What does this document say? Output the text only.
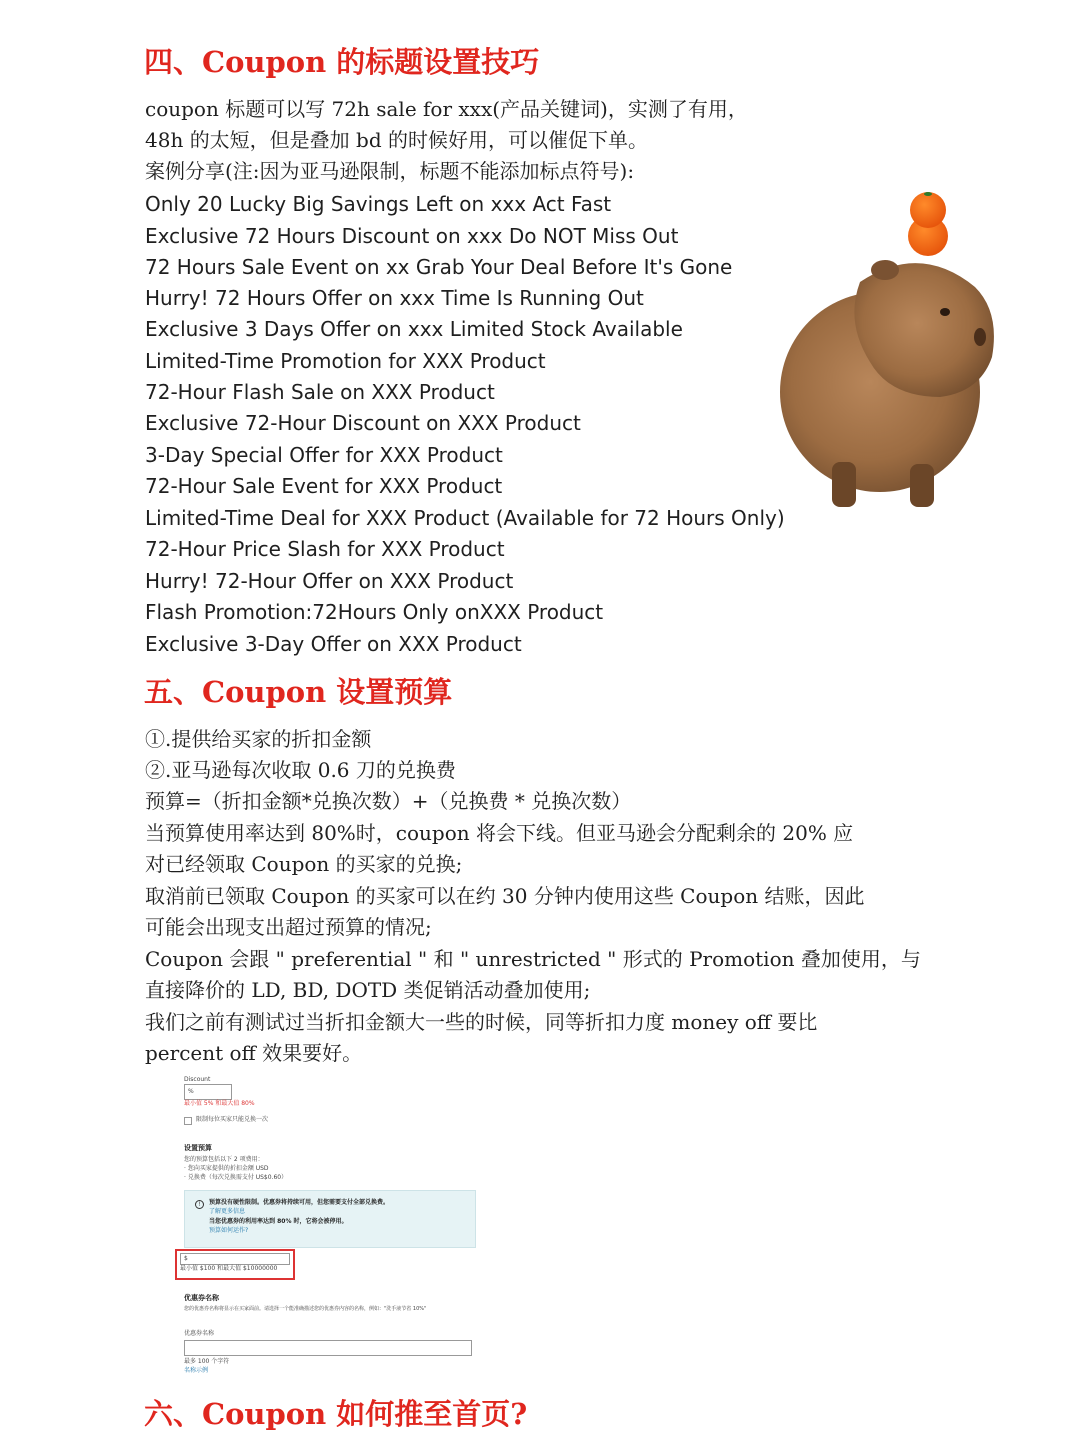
四、Coupon 的标题设置技巧
coupon 标题可以写 72h sale for xxx(产品关键词)，实测了有用，
48h 的太短，但是叠加 bd 的时候好用，可以催促下单。
案例分享(注:因为亚马逊限制，标题不能添加标点符号):
Only 20 Lucky Big Savings Left on xxx Act Fast
Exclusive 72 Hours Discount on xxx Do NOT Miss Out
72 Hours Sale Event on xx Grab Your Deal Before It's Gone
Hurry! 72 Hours Offer on xxx Time Is Running Out
Exclusive 3 Days Offer on xxx Limited Stock Available
Limited-Time Promotion for XXX Product
72-Hour Flash Sale on XXX Product
Exclusive 72-Hour Discount on XXX Product
3-Day Special Offer for XXX Product
72-Hour Sale Event for XXX Product
Limited-Time Deal for XXX Product (Available for 72 Hours Only)
72-Hour Price Slash for XXX Product
Hurry! 72-Hour Offer on XXX Product
Flash Promotion:72Hours Only onXXX Product
Exclusive 3-Day Offer on XXX Product
五、Coupon 设置预算
①.提供给买家的折扣金额
②.亚马逊每次收取 0.6 刀的兑换费
预算=（折扣金额*兑换次数）+（兑换费 * 兑换次数）
当预算使用率达到 80%时，coupon 将会下线。但亚马逊会分配剩余的 20% 应
对已经领取 Coupon 的买家的兑换;
取消前已领取 Coupon 的买家可以在约 30 分钟内使用这些 Coupon 结账，因此
可能会出现支出超过预算的情况;
Coupon 会跟 " preferential " 和 " unrestricted " 形式的 Promotion 叠加使用，与
直接降价的 LD, BD, DOTD 类促销活动叠加使用;
我们之前有测试过当折扣金额大一些的时候，同等折扣力度 money off 要比
percent off 效果要好。
Discount
%
最小值 5% 和最大值 80%
限制每位买家只能兑换一次
设置预算
您的预算包括以下 2 项费用：
· 您向买家提供的折扣金额 USD
· 兑换费（每次兑换需支付 US$0.60）
!	预算没有硬性限制。优惠券将持续可用，但您需要支付全部兑换费。
了解更多信息
当您优惠券的利用率达到 80% 时，它将会被停用。
预算如何运作?
$
最小值 $100 和最大值 $10000000
优惠券名称
您的优惠券名称将显示在买家面前。请选择一个能准确描述您的优惠券内容的名称，例如："洗手液节省 10%"
优惠券名称
最多 100 个字符
名称示例
六、Coupon 如何推至首页?
